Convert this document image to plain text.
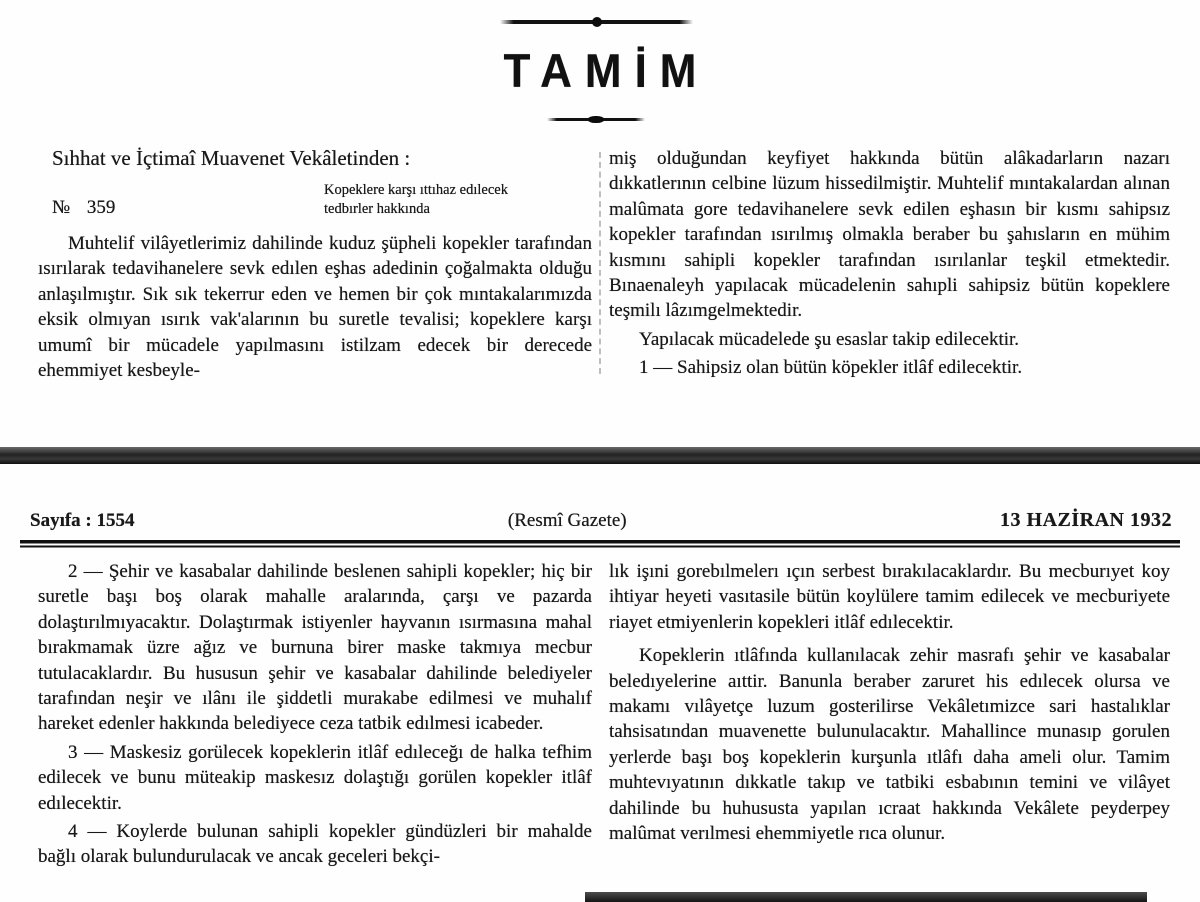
TAMİM
Sıhhat ve İçtimaî Muavenet Vekâletinden :
№ 359
Kopeklere karşı ıttıhaz edılecek
tedbırler hakkında

Muhtelif vilâyetlerimiz dahilinde kuduz şüpheli kopekler tarafından ısırılarak tedavihanelere sevk edılen eşhas adedinin çoğalmakta olduğu anlaşılmıştır. Sık sık tekerrur eden ve hemen bir çok mıntakalarımızda eksik olmıyan ısırık vak'alarının bu suretle tevalisi; kopeklere karşı umumî bir mücadele yapılmasını istilzam edecek bir derecede ehemmiyet kesbeyle-

miş olduğundan keyfiyet hakkında bütün alâkadarların nazarı dıkkatlerının celbine lüzum hissedilmiştir. Muhtelif mıntakalardan alınan malûmata gore tedavihanelere sevk edilen eşhasın bir kısmı sahipsız kopekler tarafından ısırılmış olmakla beraber bu şahısların en mühim kısmını sahipli kopekler tarafından ısırılanlar teşkil etmektedir. Bınaenaleyh yapılacak mücadelenin sahıpli sahipsiz bütün kopeklere teşmilı lâzımgelmektedir.

Yapılacak mücadelede şu esaslar takip edilecektir.

1 — Sahipsiz olan bütün köpekler itlâf edilecektir.

Sayıfa : 1554	(Resmî Gazete)	13 HAZİRAN 1932

2 — Şehir ve kasabalar dahilinde beslenen sahipli kopekler; hiç bir suretle başı boş olarak mahalle aralarında, çarşı ve pazarda dolaştırılmıyacaktır. Dolaştırmak istiyenler hayvanın ısırmasına mahal bırakmamak üzre ağız ve burnuna birer maske takmıya mecbur tutulacaklardır. Bu hususun şehir ve kasabalar dahilinde belediyeler tarafından neşir ve ılânı ile şiddetli murakabe edilmesi ve muhalıf hareket edenler hakkında belediyece ceza tatbik edılmesi icabeder.

3 — Maskesiz gorülecek kopeklerin itlâf edıleceğı de halka tefhim edilecek ve bunu müteakip maskesız dolaştığı gorülen kopekler itlâf edılecektir.

4 — Koylerde bulunan sahipli kopekler gündüzleri bir mahalde bağlı olarak bulundurulacak ve ancak geceleri bekçi-

lık işıni gorebılmelerı ıçın serbest bırakılacaklardır. Bu mecburıyet koy ihtiyar heyeti vasıtasile bütün koylülere tamim edilecek ve mecburiyete riayet etmiyenlerin kopekleri itlâf edılecektir.

Kopeklerin ıtlâfında kullanılacak zehir masrafı şehir ve kasabalar beledıyelerine aıttir. Banunla beraber zaruret his edılecek olursa ve makamı vılâyetçe luzum gosterilirse Vekâletımizce sari hastalıklar tahsisatından muavenette bulunulacaktır. Mahallince munasıp gorulen yerlerde başı boş kopeklerin kurşunla ıtlâfı daha ameli olur. Tamim muhtevıyatının dıkkatle takıp ve tatbiki esbabının temini ve vilâyet dahilinde bu huhususta yapılan ıcraat hakkında Vekâlete peyderpey malûmat verılmesi ehemmiyetle rıca olunur.
